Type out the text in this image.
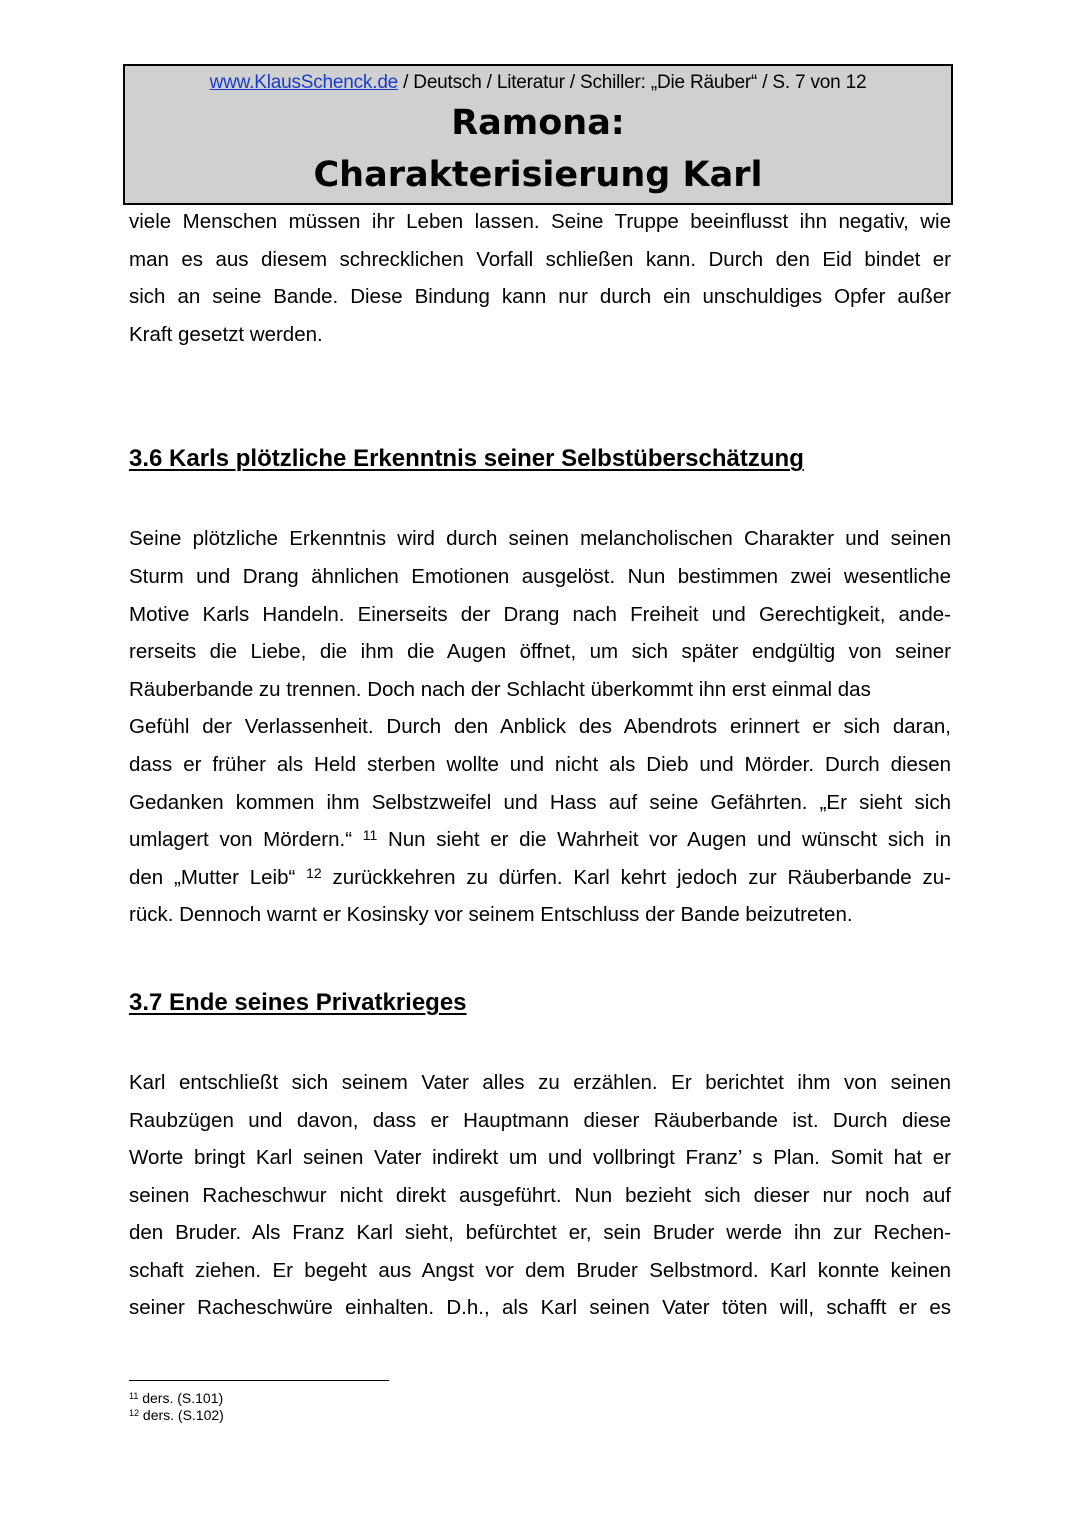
www.KlausSchenck.de / Deutsch / Literatur / Schiller: „Die Räuber“ / S. 7 von 12
Ramona:
Charakterisierung Karl

viele Menschen müssen ihr Leben lassen. Seine Truppe beeinflusst ihn negativ, wie
man es aus diesem schrecklichen Vorfall schließen kann. Durch den Eid bindet er
sich an seine Bande. Diese Bindung kann nur durch ein unschuldiges Opfer außer
Kraft gesetzt werden.

3.6 Karls plötzliche Erkenntnis seiner Selbstüberschätzung

Seine plötzliche Erkenntnis wird durch seinen melancholischen Charakter und seinen
Sturm und Drang ähnlichen Emotionen ausgelöst. Nun bestimmen zwei wesentliche
Motive Karls Handeln. Einerseits der Drang nach Freiheit und Gerechtigkeit, ande-
rerseits die Liebe, die ihm die Augen öffnet, um sich später endgültig von seiner
Räuberbande zu trennen. Doch nach der Schlacht überkommt ihn erst einmal das
Gefühl der Verlassenheit. Durch den Anblick des Abendrots erinnert er sich daran,
dass er früher als Held sterben wollte und nicht als Dieb und Mörder. Durch diesen
Gedanken kommen ihm Selbstzweifel und Hass auf seine Gefährten. „Er sieht sich
umlagert von Mördern.“ $^{11}$ Nun sieht er die Wahrheit vor Augen und wünscht sich in
den „Mutter Leib“ $^{12}$ zurückkehren zu dürfen. Karl kehrt jedoch zur Räuberbande zu-
rück. Dennoch warnt er Kosinsky vor seinem Entschluss der Bande beizutreten.

3.7 Ende seines Privatkrieges

Karl entschließt sich seinem Vater alles zu erzählen. Er berichtet ihm von seinen
Raubzügen und davon, dass er Hauptmann dieser Räuberbande ist. Durch diese
Worte bringt Karl seinen Vater indirekt um und vollbringt Franz’ s Plan. Somit hat er
seinen Racheschwur nicht direkt ausgeführt. Nun bezieht sich dieser nur noch auf
den Bruder. Als Franz Karl sieht, befürchtet er, sein Bruder werde ihn zur Rechen-
schaft ziehen. Er begeht aus Angst vor dem Bruder Selbstmord. Karl konnte keinen
seiner Racheschwüre einhalten. D.h., als Karl seinen Vater töten will, schafft er es

$^{11}$ ders. (S.101)
$^{12}$ ders. (S.102)
